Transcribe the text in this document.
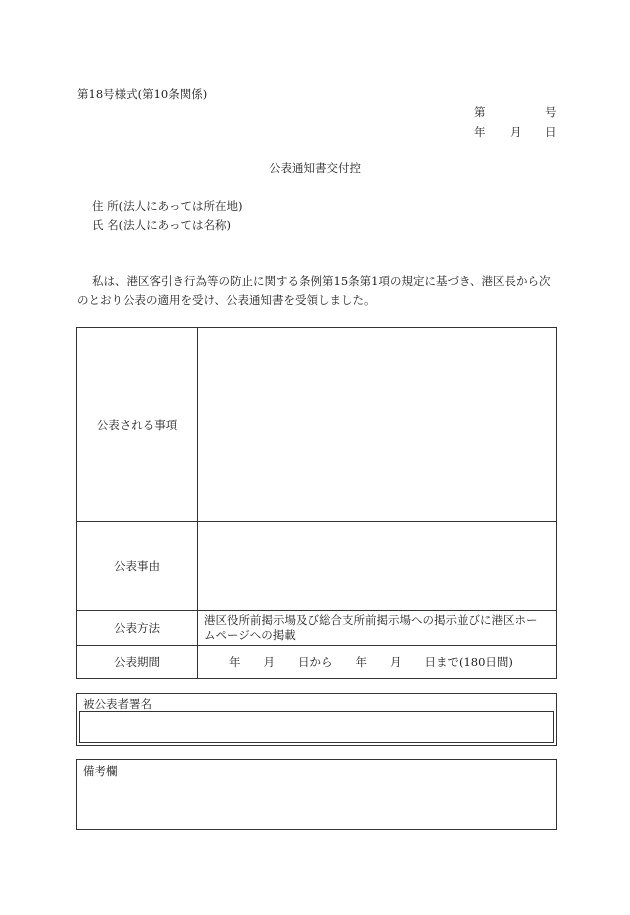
第18号様式(第10条関係)
第	号
年 月 日
公表通知書交付控
住 所(法人にあっては所在地)
氏 名(法人にあっては名称)
私は、港区客引き行為等の防止に関する条例第15条第1項の規定に基づき、港区長から次
のとおり公表の適用を受け、公表通知書を受領しました。
公表される事項	
公表事由	
公表方法	港区役所前掲示場及び総合支所前掲示場への掲示並びに港区ホー
ムページへの掲載

公表期間	年　　月　　日から　　年　　月　　日まで(180日間)
被公表者署名
備考欄
